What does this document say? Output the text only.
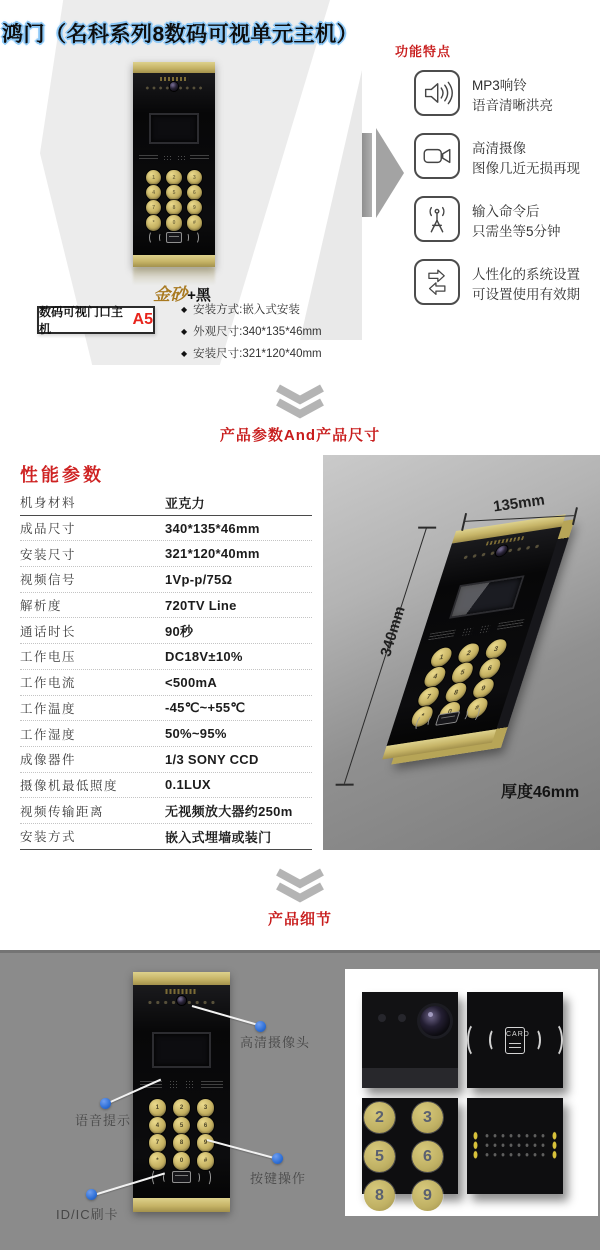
鸿门（名科系列8数码可视单元主机）
1	2	3
4	5	6
7	8	9
*	0	#
金砂+黑
数码可视门口主机
A5
◆ 安装方式:嵌入式安装
◆ 外观尺寸:340*135*46mm
◆ 安装尺寸:321*120*40mm
功能特点
MP3响铃
语音清晰洪亮
高清摄像
图像几近无损再现
输入命令后
只需坐等5分钟
人性化的系统设置
可设置使用有效期
产品参数And产品尺寸
性能参数
机身材料	亚克力
成品尺寸	340*135*46mm
安装尺寸	321*120*40mm
视频信号	1Vp-p/75Ω
解析度	720TV Line
通话时长	90秒
工作电压	DC18V±10%
工作电流	<500mA
工作温度	-45℃~+55℃
工作湿度	50%~95%
成像器件	1/3 SONY CCD
摄像机最低照度	0.1LUX
视频传输距离	无视频放大器约250m
安装方式	嵌入式埋墙或装门
1
2
3
4
5
6
7
8
9
*
#
135mm
340mm
厚度46mm
产品细节
1	2	3
4	5	6
7	8	9
*	0	#
高清摄像头
语音提示
按键操作
ID/IC刷卡
CARD
2	3
5	6
8	9
